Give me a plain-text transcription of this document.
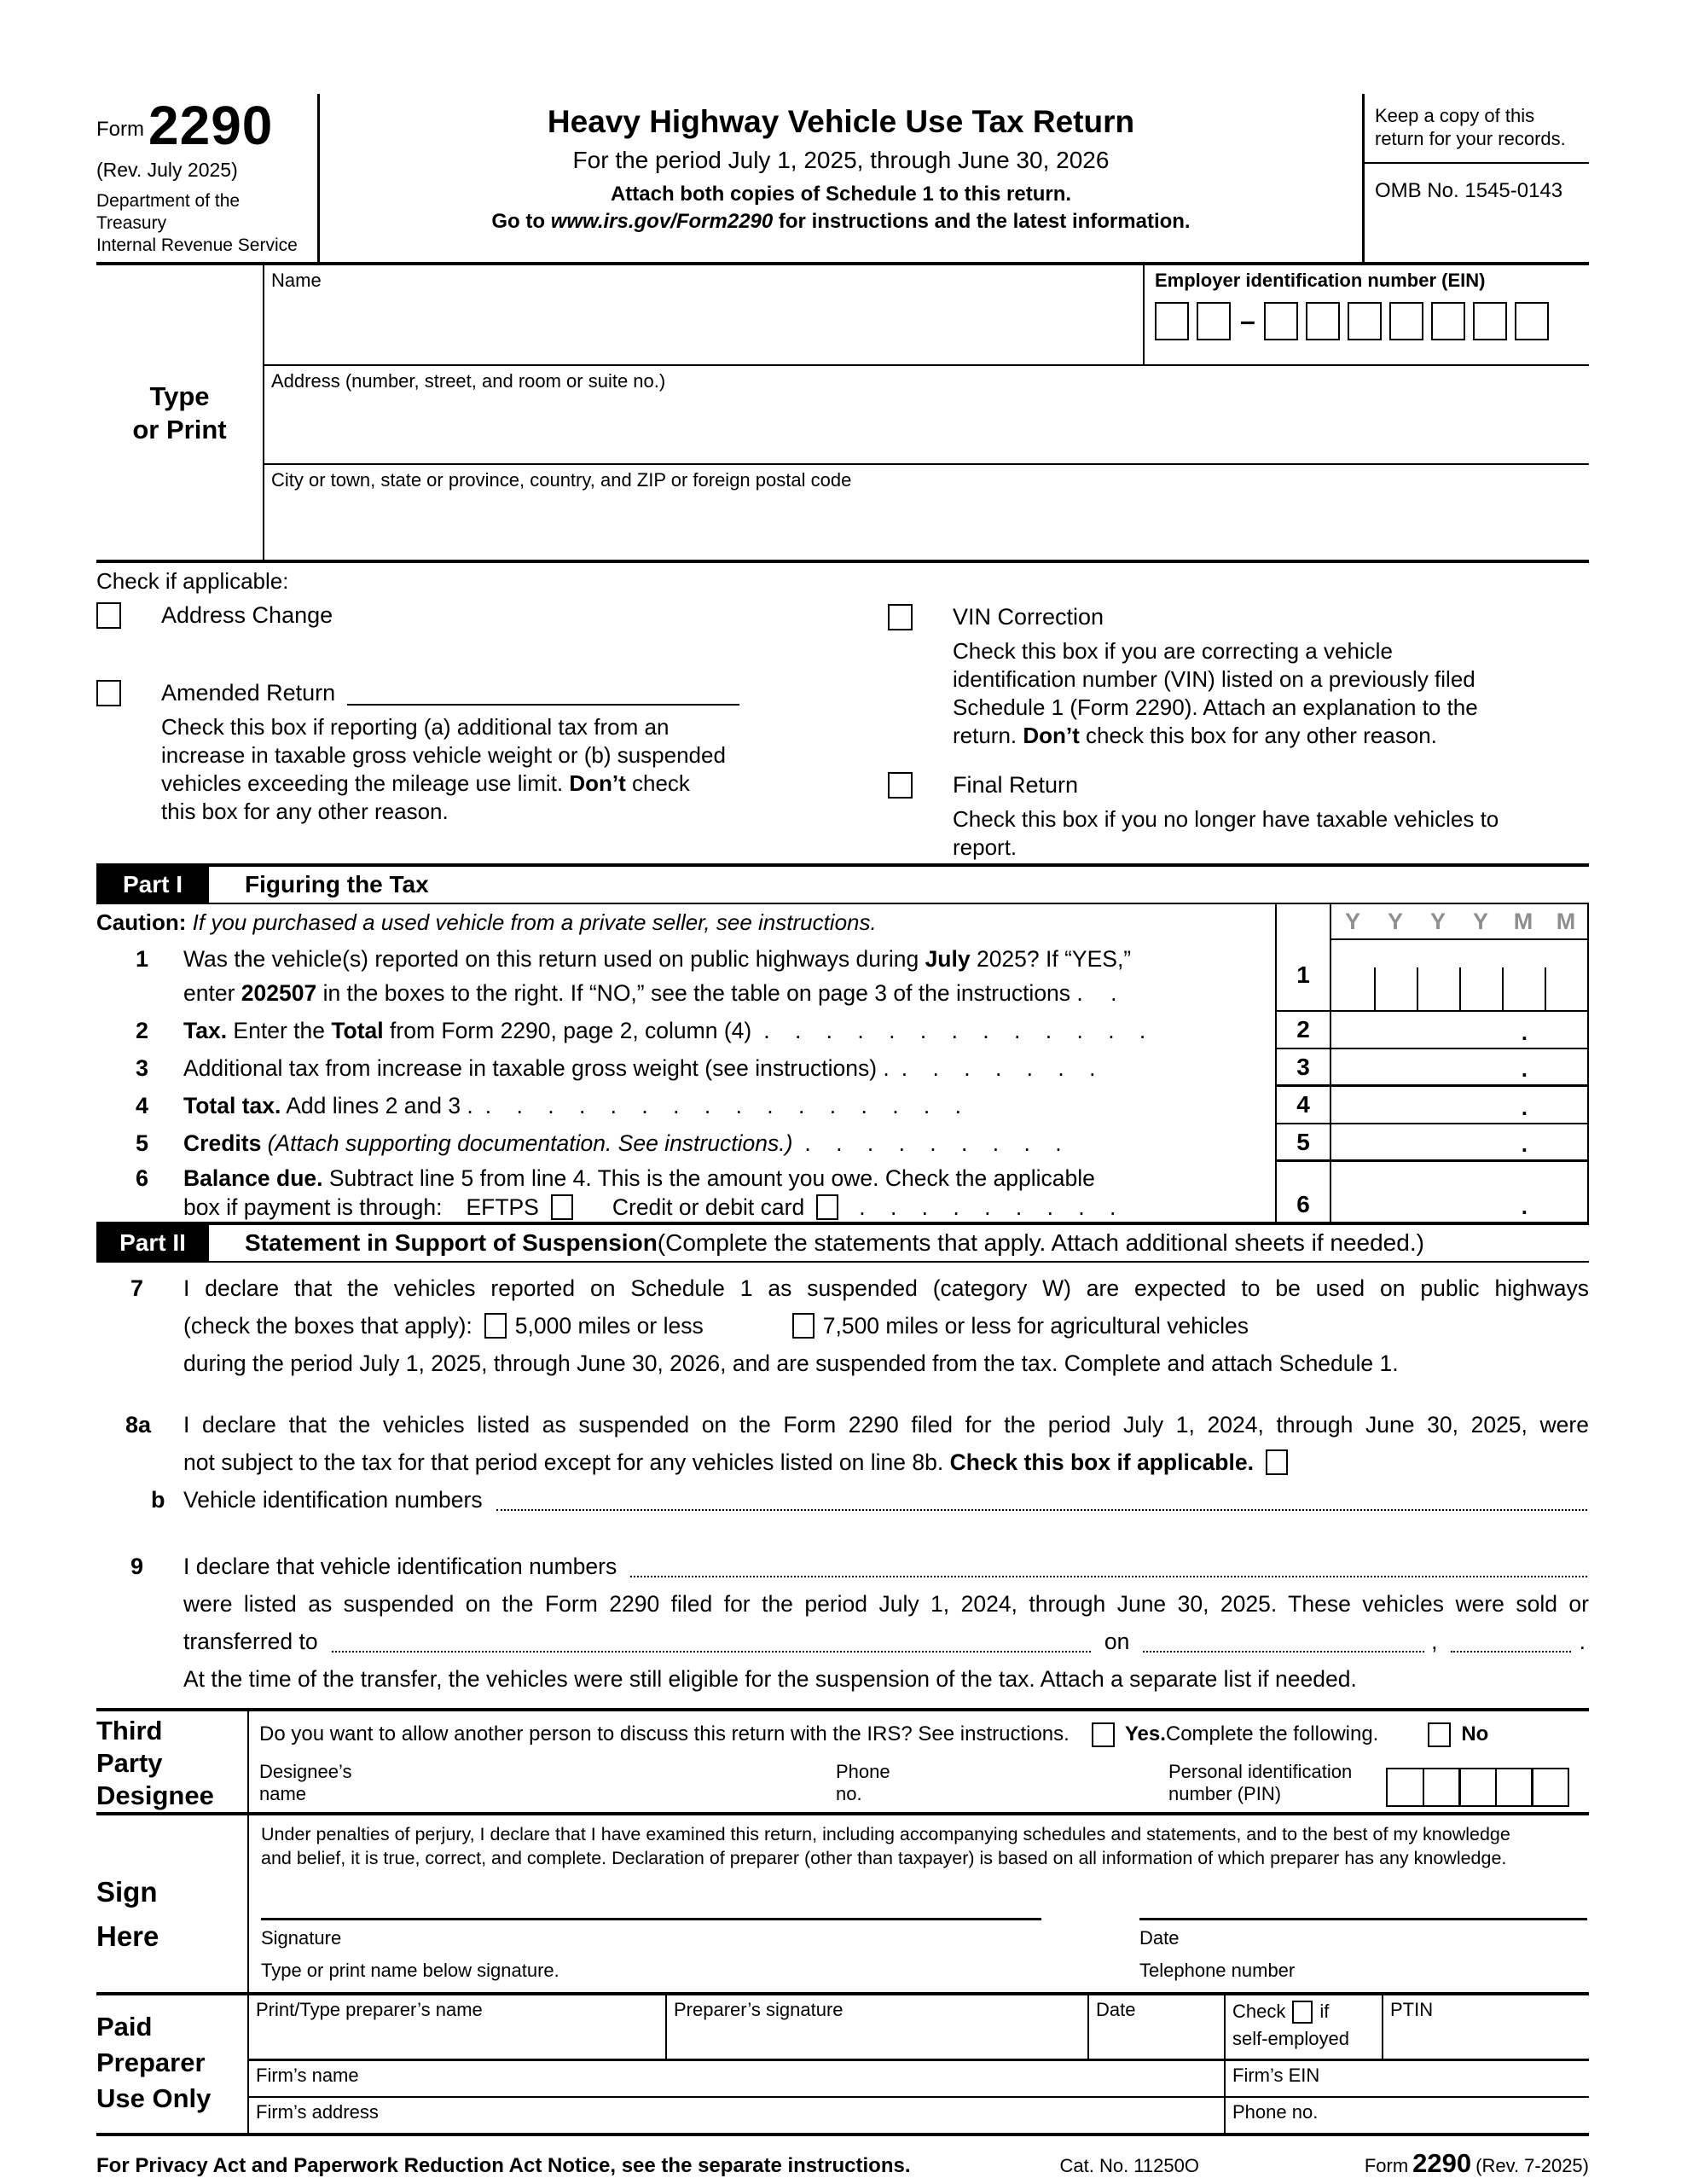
Form 2290
(Rev. July 2025)
Department of the Treasury
Internal Revenue Service
Heavy Highway Vehicle Use Tax Return
For the period July 1, 2025, through June 30, 2026
Attach both copies of Schedule 1 to this return.
Go to www.irs.gov/Form2290 for instructions and the latest information.
Keep a copy of this return for your records.
OMB No. 1545-0143
Type
or Print
Name	Employer identification number (EIN)
–
Address (number, street, and room or suite no.)
City or town, state or province, country, and ZIP or foreign postal code
Check if applicable:
Address Change
Amended Return
Check this box if reporting (a) additional tax from an
increase in taxable gross vehicle weight or (b) suspended
vehicles exceeding the mileage use limit. Don’t check
this box for any other reason.
VIN Correction
Check this box if you are correcting a vehicle
identification number (VIN) listed on a previously filed
Schedule 1 (Form 2290). Attach an explanation to the
return. Don’t check this box for any other reason.
Final Return
Check this box if you no longer have taxable vehicles to
report.
Part I	Figuring the Tax
Caution: If you purchased a used vehicle from a private seller, see instructions.
1	Was the vehicle(s) reported on this return used on public highways during July 2025? If “YES,”
enter 202507 in the boxes to the right. If “NO,” see the table on page 3 of the instructions . .
2	Tax. Enter the Total from Form 2290, page 2, column (4) . . . . . . . . . . . . .
3	Additional tax from increase in taxable gross weight (see instructions) . . . . . . . .
4	Total tax. Add lines 2 and 3 . . . . . . . . . . . . . . . . .
5	Credits (Attach supporting documentation. See instructions.) . . . . . . . . .
6	Balance due. Subtract line 5 from line 4. This is the amount you owe. Check the applicable
box if payment is through: EFTPS	Credit or debit card . . . . . . . . .
Y	Y	Y	Y	M	M
1
2	.
3	.
4	.
5	.
6	.
Part II	Statement in Support of Suspension (Complete the statements that apply. Attach additional sheets if needed.)
7	I declare that the vehicles reported on Schedule 1 as suspended (category W) are expected to be used on public highways
(check the boxes that apply): 5,000 miles or less	7,500 miles or less for agricultural vehicles
during the period July 1, 2025, through June 30, 2026, and are suspended from the tax. Complete and attach Schedule 1.
8a	I declare that the vehicles listed as suspended on the Form 2290 filed for the period July 1, 2024, through June 30, 2025, were
not subject to the tax for that period except for any vehicles listed on line 8b. Check this box if applicable.
b Vehicle identification numbers
9	I declare that vehicle identification numbers
were listed as suspended on the Form 2290 filed for the period July 1, 2024, through June 30, 2025. These vehicles were sold or
transferred to	on	,	.
At the time of the transfer, the vehicles were still eligible for the suspension of the tax. Attach a separate list if needed.
Third
Party
Designee
Do you want to allow another person to discuss this return with the IRS? See instructions.	Yes. Complete the following.	No
Designee’s
name
Phone
no.
Personal identification
number (PIN)
Sign
Here
Under penalties of perjury, I declare that I have examined this return, including accompanying schedules and statements, and to the best of my knowledge
and belief, it is true, correct, and complete. Declaration of preparer (other than taxpayer) is based on all information of which preparer has any knowledge.
Signature	Date
Type or print name below signature.	Telephone number
Paid
Preparer
Use Only
Print/Type preparer’s name	Preparer’s signature	Date	Check if
self-employed
PTIN
Firm’s name	Firm’s EIN
Firm’s address	Phone no.
For Privacy Act and Paperwork Reduction Act Notice, see the separate instructions.	Cat. No. 11250O	Form 2290 (Rev. 7-2025)
